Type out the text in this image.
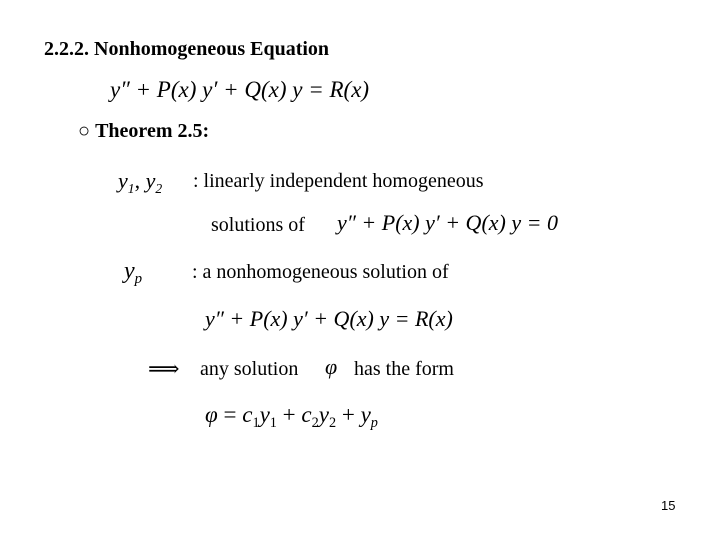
2.2.2. Nonhomogeneous Equation
y″ + P(x) y′ + Q(x) y = R(x)
○ Theorem 2.5:
$y_1$, $y_2$ : linearly independent homogeneous
solutions of y″ + P(x) y′ + Q(x) y = 0
$y_p$ : a nonhomogeneous solution of
y″ + P(x) y′ + Q(x) y = R(x)
⟹ any solution φ has the form
$\varphi = c_1y_1 + c_2y_2 + y_p$
15
